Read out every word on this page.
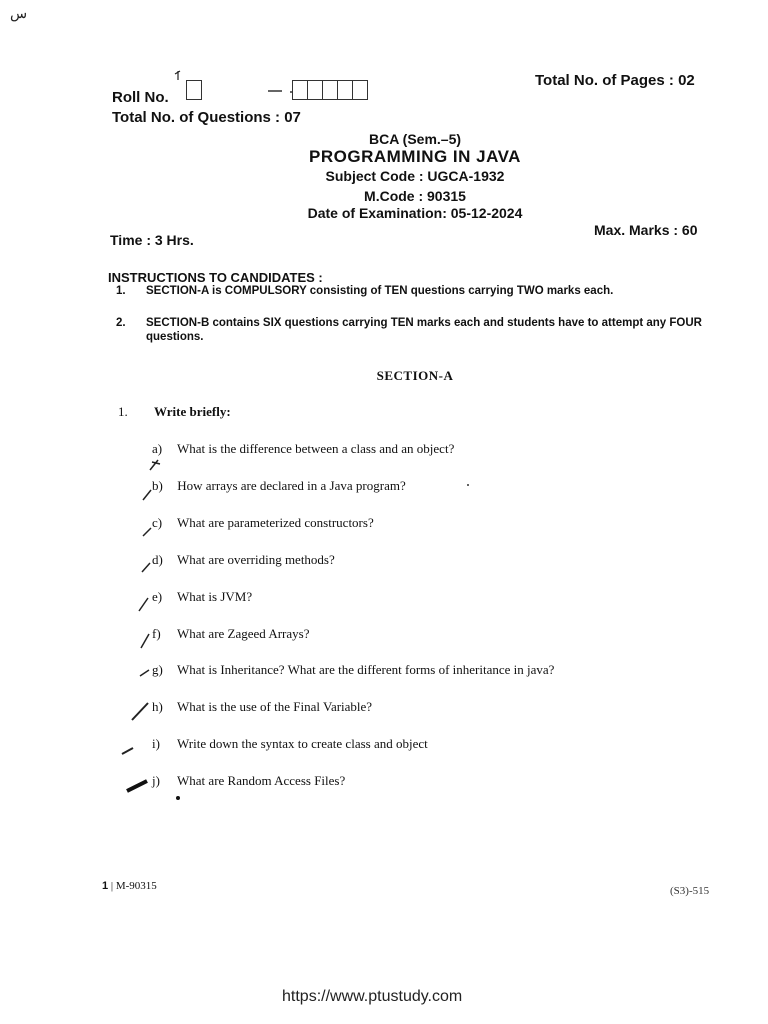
س
Roll No.
Total No. of Pages : 02
Total No. of Questions : 07
BCA (Sem.–5)
PROGRAMMING IN JAVA
Subject Code : UGCA-1932
M.Code : 90315
Date of Examination: 05-12-2024
Time : 3 Hrs.
Max. Marks : 60
INSTRUCTIONS TO CANDIDATES :
1.	SECTION-A is COMPULSORY consisting of TEN questions carrying TWO marks each.
2.	SECTION-B contains SIX questions carrying TEN marks each and students have to attempt any FOUR questions.
SECTION-A
1. Write briefly:
a) What is the difference between a class and an object?
b) How arrays are declared in a Java program?
c) What are parameterized constructors?
d) What are overriding methods?
e) What is JVM?
f) What are Zageed Arrays?
g) What is Inheritance? What are the different forms of inheritance in java?
h) What is the use of the Final Variable?
i) Write down the syntax to create class and object
j) What are Random Access Files?
1 | M-90315	(S3)-515
https://www.ptustudy.com
